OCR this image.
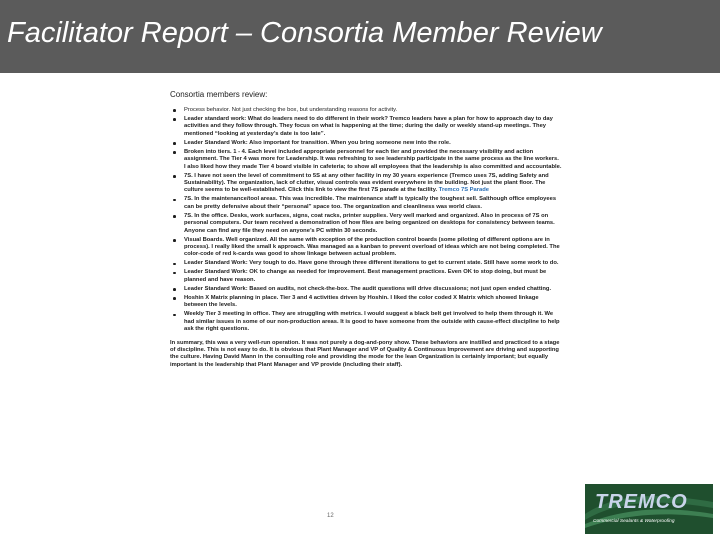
Facilitator Report – Consortia Member Review
Consortia members review:
Process behavior. Not just checking the box, but understanding reasons for activity.
Leader standard work: What do leaders need to do different in their work? Tremco leaders have a plan for how to approach day to day activities and they follow through. They focus on what is happening at the time; during the daily or weekly stand-up meetings. They mentioned “looking at yesterday’s date is too late”.
Leader Standard Work: Also important for transition. When you bring someone new into the role.
Broken into tiers. 1 - 4. Each level included appropriate personnel for each tier and provided the necessary visibility and action assignment. The Tier 4 was more for Leadership. It was refreshing to see leadership participate in the same process as the line workers. I also liked how they made Tier 4 board visible in cafeteria; to show all employees that the leadership is also committed and accountable.
7S. I have not seen the level of commitment to 5S at any other facility in my 30 years experience (Tremco uses 7S, adding Safety and Sustainability). The organization, lack of clutter, visual controls was evident everywhere in the building. Not just the plant floor. The culture seems to be well-established. Click this link to view the first 7S parade at the facility. Tremco 7S Parade
7S. In the maintenance/tool areas. This was incredible. The maintenance staff is typically the toughest sell. Salthough office employees can be pretty defensive about their “personal” space too. The organization and cleanliness was world class.
7S. In the office. Desks, work surfaces, signs, coat racks, printer supplies. Very well marked and organized. Also in process of 7S on personal computers. Our team received a demonstration of how files are being organized on desktops for consistency between teams. Anyone can find any file they need on anyone’s PC within 30 seconds.
Visual Boards. Well organized. All the same with exception of the production control boards (some piloting of different options are in process). I really liked the small k approach. Was managed as a kanban to prevent overload of ideas which are not being completed. The color-code of red k-cards was good to show linkage between actual problem.
Leader Standard Work: Very tough to do. Have gone through three different iterations to get to current state. Still have some work to do.
Leader Standard Work: OK to change as needed for improvement. Best management practices. Even OK to stop doing, but must be planned and have reason.
Leader Standard Work: Based on audits, not check-the-box. The audit questions will drive discussions; not just open ended chatting.
Hoshin X Matrix planning in place. Tier 3 and 4 activities driven by Hoshin. I liked the color coded X Matrix which showed linkage between the levels.
Weekly Tier 3 meeting in office. They are struggling with metrics. I would suggest a black belt get involved to help them through it. We had similar issues in some of our non-production areas. It is good to have someone from the outside with cause-effect discipline to help ask the right questions.
In summary, this was a very well-run operation. It was not purely a dog-and-pony show. These behaviors are instilled and practiced to a stage of discipline. This is not easy to do. It is obvious that Plant Manager and VP of Quality & Continuous Improvement are driving and supporting the culture. Having David Mann in the consulting role and providing the mode for the lean Organization is certainly important; but equally important is the leadership that Plant Manager and VP provide (including their staff).
12
TREMCO
Commercial Sealants & Waterproofing
